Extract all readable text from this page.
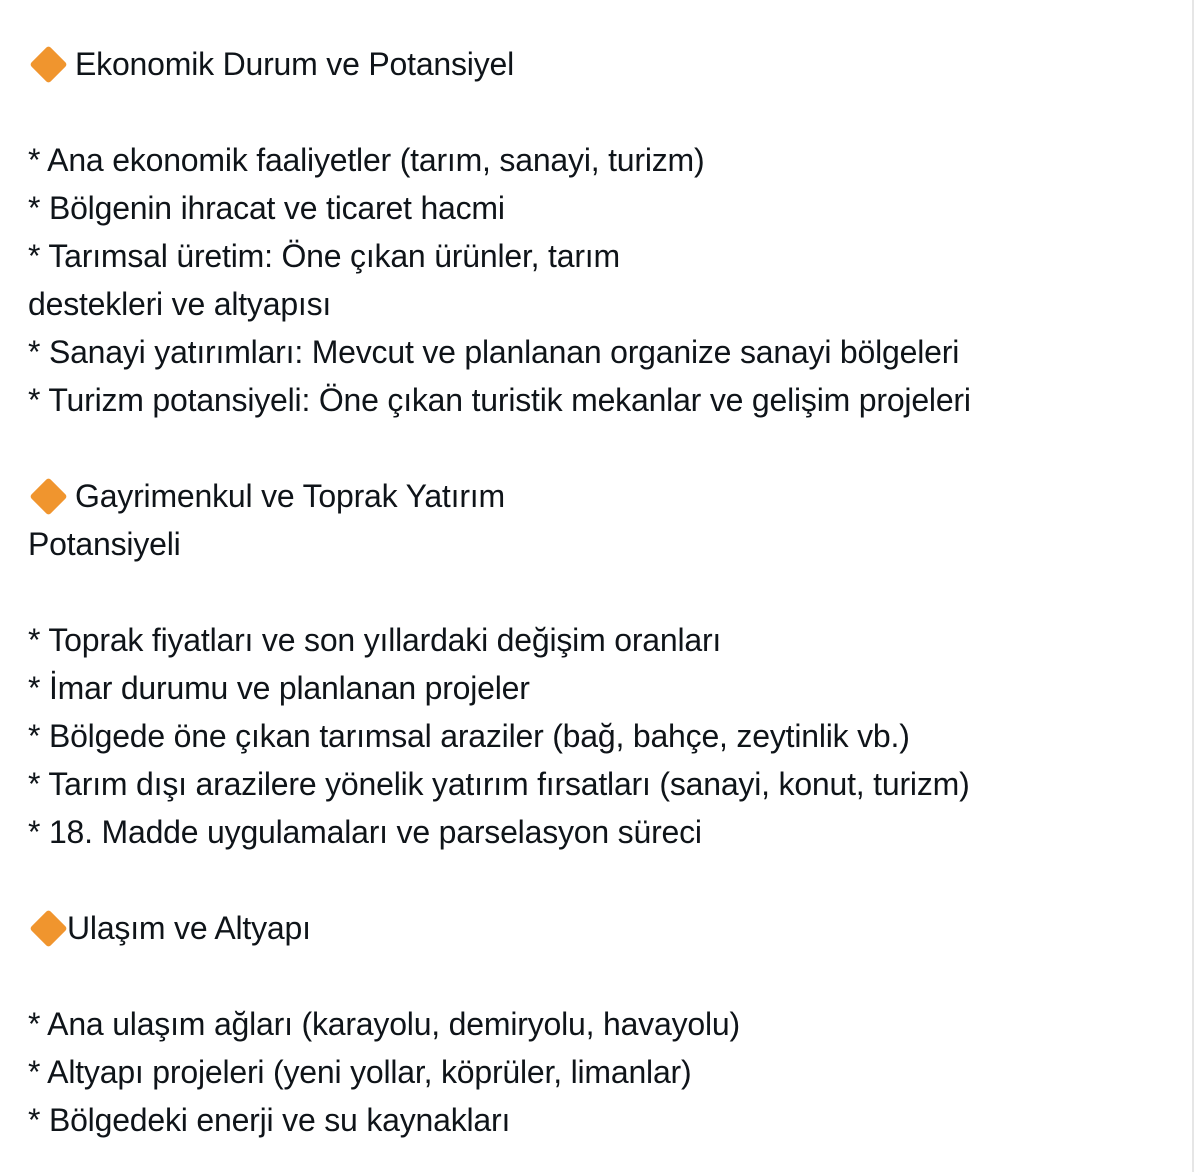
Ekonomik Durum ve Potansiyel
* Ana ekonomik faaliyetler (tarım, sanayi, turizm)
* Bölgenin ihracat ve ticaret hacmi
* Tarımsal üretim: Öne çıkan ürünler, tarım
destekleri ve altyapısı
* Sanayi yatırımları: Mevcut ve planlanan organize sanayi bölgeleri
* Turizm potansiyeli: Öne çıkan turistik mekanlar ve gelişim projeleri
Gayrimenkul ve Toprak Yatırım
Potansiyeli
* Toprak fiyatları ve son yıllardaki değişim oranları
* İmar durumu ve planlanan projeler
* Bölgede öne çıkan tarımsal araziler (bağ, bahçe, zeytinlik vb.)
* Tarım dışı arazilere yönelik yatırım fırsatları (sanayi, konut, turizm)
* 18. Madde uygulamaları ve parselasyon süreci
Ulaşım ve Altyapı
* Ana ulaşım ağları (karayolu, demiryolu, havayolu)
* Altyapı projeleri (yeni yollar, köprüler, limanlar)
* Bölgedeki enerji ve su kaynakları
